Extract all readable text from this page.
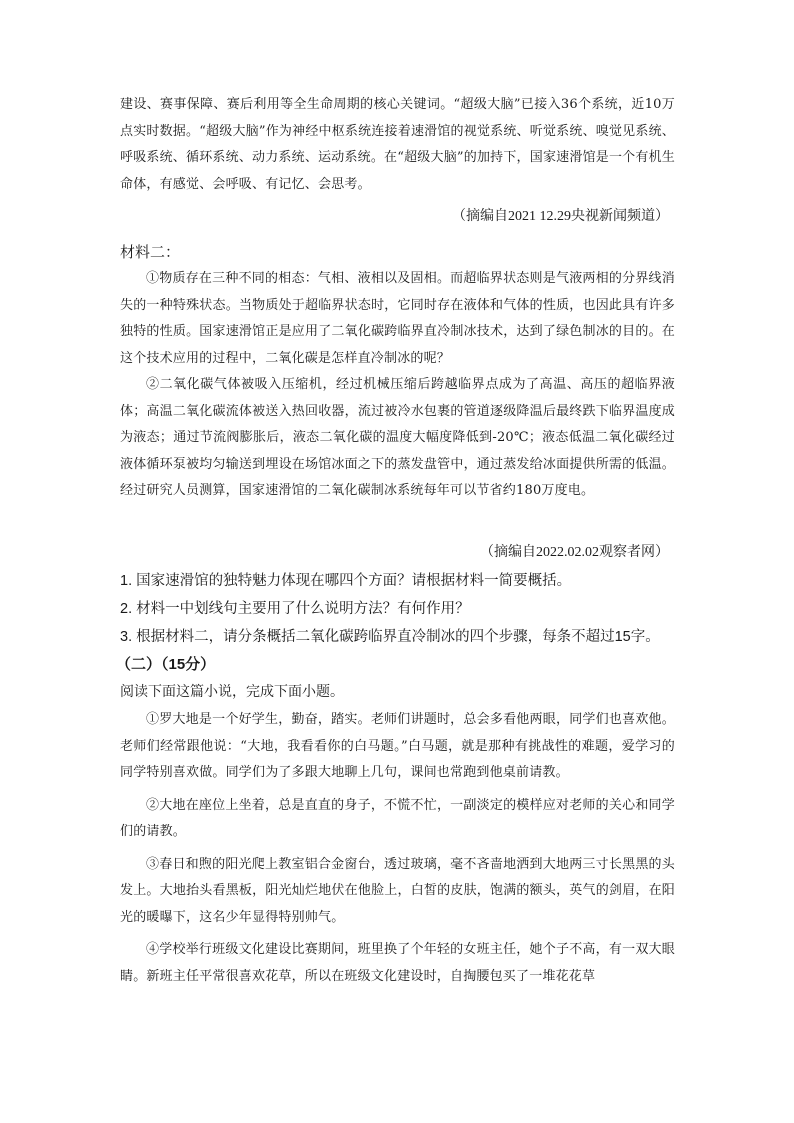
建设、赛事保障、赛后利用等全生命周期的核心关键词。“超级大脑”已接入36个系统，近10万点实时数据。“超级大脑”作为神经中枢系统连接着速滑馆的视觉系统、听觉系统、嗅觉见系统、呼吸系统、循环系统、动力系统、运动系统。在“超级大脑”的加持下，国家速滑馆是一个有机生命体，有感觉、会呼吸、有记忆、会思考。

（摘编自2021 12.29央视新闻频道）
材料二：

①物质存在三种不同的相态：气相、液相以及固相。而超临界状态则是气液两相的分界线消失的一种特殊状态。当物质处于超临界状态时，它同时存在液体和气体的性质，也因此具有许多独特的性质。国家速滑馆正是应用了二氧化碳跨临界直冷制冰技术，达到了绿色制冰的目的。在这个技术应用的过程中，二氧化碳是怎样直冷制冰的呢？

②二氧化碳气体被吸入压缩机，经过机械压缩后跨越临界点成为了高温、高压的超临界液体；高温二氧化碳流体被送入热回收器，流过被冷水包裹的管道逐级降温后最终跌下临界温度成为液态；通过节流阀膨胀后，液态二氧化碳的温度大幅度降低到-20℃；液态低温二氧化碳经过液体循环泵被均匀输送到埋设在场馆冰面之下的蒸发盘管中，通过蒸发给冰面提供所需的低温。经过研究人员测算，国家速滑馆的二氧化碳制冰系统每年可以节省约180万度电。

（摘编自2022.02.02观察者网）
1. 国家速滑馆的独特魅力体现在哪四个方面？请根据材料一简要概括。
2. 材料一中划线句主要用了什么说明方法？有何作用？
3. 根据材料二，请分条概括二氧化碳跨临界直冷制冰的四个步骤，每条不超过15字。
（二）（15分）
阅读下面这篇小说，完成下面小题。

①罗大地是一个好学生，勤奋，踏实。老师们讲题时，总会多看他两眼，同学们也喜欢他。老师们经常跟他说：“大地，我看看你的白马题。”白马题，就是那种有挑战性的难题，爱学习的同学特别喜欢做。同学们为了多跟大地聊上几句，课间也常跑到他桌前请教。

②大地在座位上坐着，总是直直的身子，不慌不忙，一副淡定的模样应对老师的关心和同学们的请教。

③春日和煦的阳光爬上教室铝合金窗台，透过玻璃，毫不吝啬地洒到大地两三寸长黑黑的头发上。大地抬头看黑板，阳光灿烂地伏在他脸上，白皙的皮肤，饱满的额头，英气的剑眉，在阳光的暖曝下，这名少年显得特别帅气。

④学校举行班级文化建设比赛期间，班里换了个年轻的女班主任，她个子不高，有一双大眼睛。新班主任平常很喜欢花草，所以在班级文化建设时，自掏腰包买了一堆花花草
